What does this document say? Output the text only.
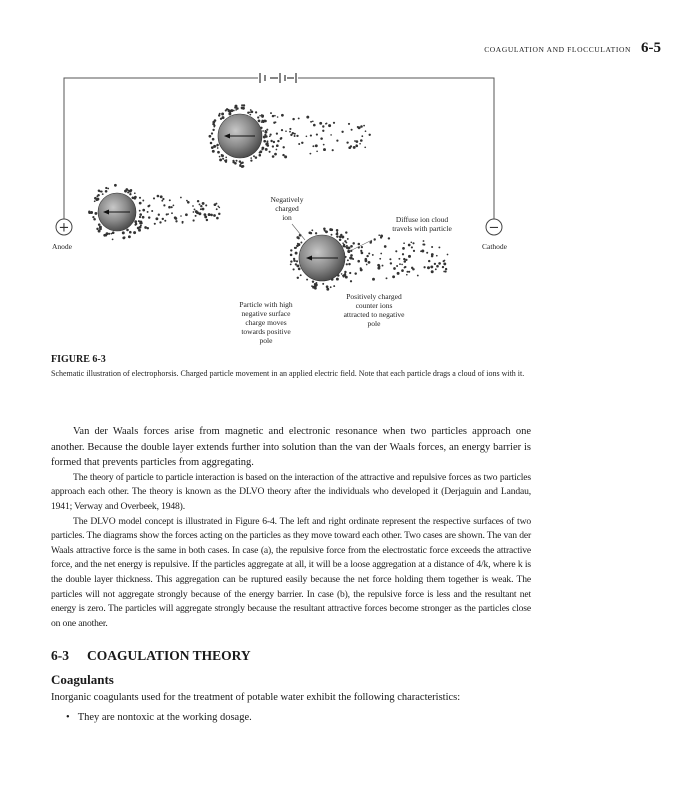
COAGULATION AND FLOCCULATION 6-5
+	−
Negatively
charged
ion	Diffuse ion cloud
travels with particle
Particle with high
negative surface
charge moves
towards positive
pole
Positively charged
counter ions
attracted to negative
pole
Anode	Cathode

FIGURE 6-3

Schematic illustration of electrophorsis. Charged particle movement in an applied electric field. Note that each particle drags a cloud of ions with it.

Van der Waals forces arise from magnetic and electronic resonance when two particles approach one another. Because the double layer extends further into solution than the van der Waals forces, an energy barrier is formed that prevents particles from aggregating.

The theory of particle to particle interaction is based on the interaction of the attractive and repulsive forces as two particles approach each other. The theory is known as the DLVO theory after the individuals who developed it (Derjaguin and Landau, 1941; Verway and Overbeek, 1948).

The DLVO model concept is illustrated in Figure 6-4. The left and right ordinate represent the respective surfaces of two particles. The diagrams show the forces acting on the particles as they move toward each other. Two cases are shown. The van der Waals attractive force is the same in both cases. In case (a), the repulsive force from the electrostatic force exceeds the attractive force, and the net energy is repulsive. If the particles aggregate at all, it will be a loose aggregation at a distance of 4/k, where k is the double layer thickness. This aggregation can be ruptured easily because the net force holding them together is weak. The particles will not aggregate strongly because of the energy barrier. In case (b), the repulsive force is less and the resultant net energy is zero. The particles will aggregate strongly because the resultant attractive forces become stronger as the particles close on one another.

6-3 COAGULATION THEORY
Coagulants

Inorganic coagulants used for the treatment of potable water exhibit the following characteristics:

• They are nontoxic at the working dosage.
